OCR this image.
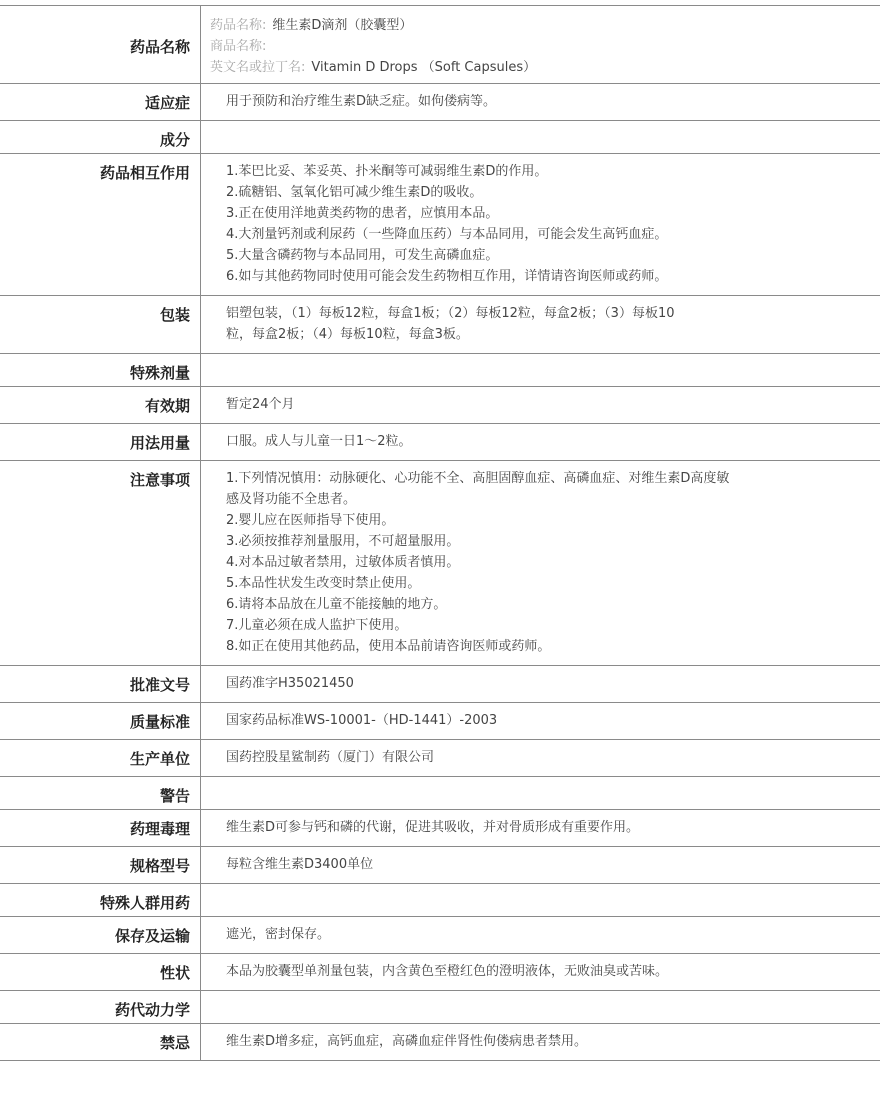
药品名称
药品名称: 维生素D滴剂（胶囊型）
商品名称:
英文名或拉丁名: Vitamin D Drops （Soft Capsules）
适应症	用于预防和治疗维生素D缺乏症。如佝偻病等。
成分
药品相互作用	1.苯巴比妥、苯妥英、扑米酮等可减弱维生素D的作用。
2.硫糖铝、氢氧化铝可减少维生素D的吸收。
3.正在使用洋地黄类药物的患者，应慎用本品。
4.大剂量钙剂或利尿药（一些降血压药）与本品同用，可能会发生高钙血症。
5.大量含磷药物与本品同用，可发生高磷血症。
6.如与其他药物同时使用可能会发生药物相互作用，详情请咨询医师或药师。
包装	铝塑包装，（1）每板12粒，每盒1板；（2）每板12粒，每盒2板；（3）每板10
粒，每盒2板；（4）每板10粒，每盒3板。
特殊剂量
有效期	暂定24个月
用法用量	口服。成人与儿童一日1～2粒。
注意事项	1.下列情况慎用：动脉硬化、心功能不全、高胆固醇血症、高磷血症、对维生素D高度敏
感及肾功能不全患者。
2.婴儿应在医师指导下使用。
3.必须按推荐剂量服用，不可超量服用。
4.对本品过敏者禁用，过敏体质者慎用。
5.本品性状发生改变时禁止使用。
6.请将本品放在儿童不能接触的地方。
7.儿童必须在成人监护下使用。
8.如正在使用其他药品，使用本品前请咨询医师或药师。
批准文号	国药准字H35021450
质量标准	国家药品标准WS-10001-（HD-1441）-2003
生产单位	国药控股星鲨制药（厦门）有限公司
警告
药理毒理	维生素D可参与钙和磷的代谢，促进其吸收，并对骨质形成有重要作用。
规格型号	每粒含维生素D3400单位
特殊人群用药
保存及运输	遮光，密封保存。
性状	本品为胶囊型单剂量包装，内含黄色至橙红色的澄明液体，无败油臭或苦味。
药代动力学
禁忌	维生素D增多症，高钙血症，高磷血症伴肾性佝偻病患者禁用。
